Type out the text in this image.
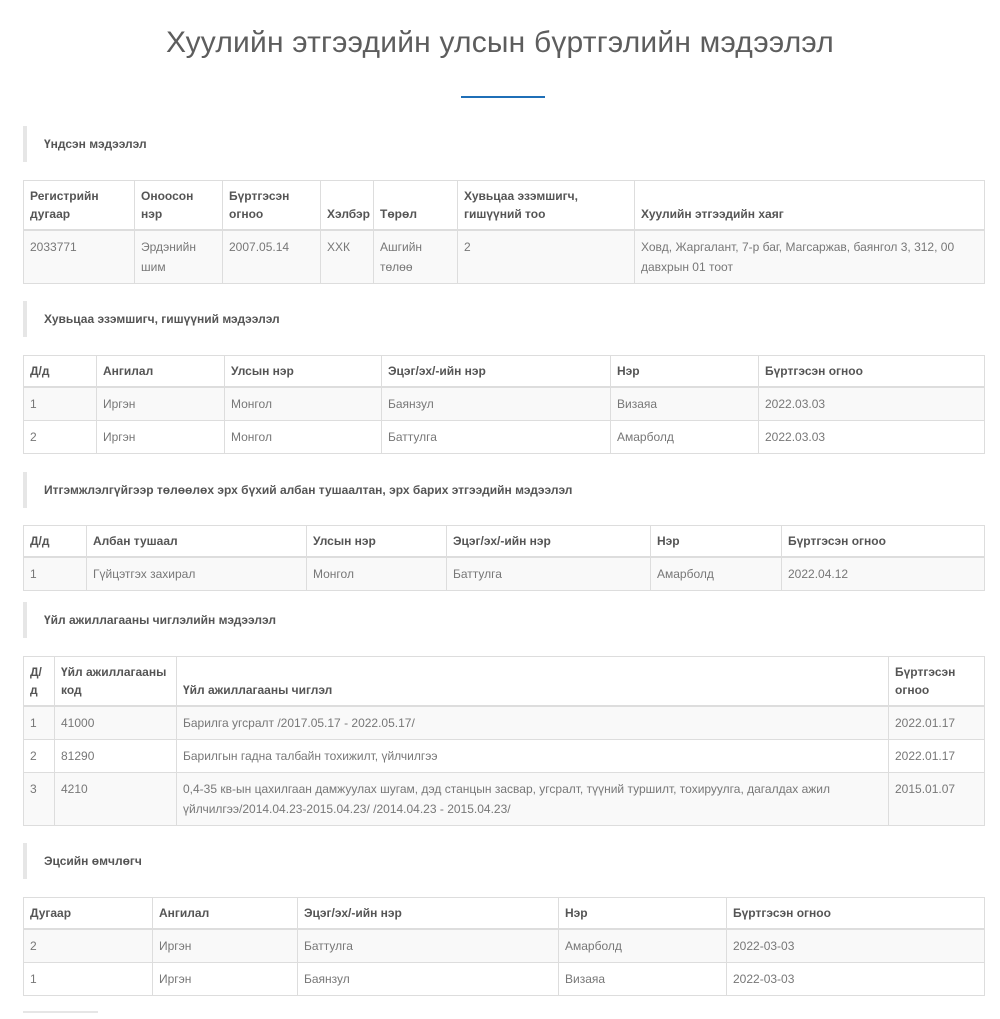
Хуулийн этгээдийн улсын бүртгэлийн мэдээлэл
Үндсэн мэдээлэл
Регистрийн дугаар	Оноосон нэр	Бүртгэсэн огноо	Хэлбэр	Төрөл	Хувьцаа эзэмшигч, гишүүний тоо	Хуулийн этгээдийн хаяг
2033771	Эрдэнийн шим	2007.05.14	ХХК	Ашгийн төлөө	2	Ховд, Жаргалант, 7-р баг, Магсаржав, баянгол 3, 312, 00 давхрын 01 тоот
Хувьцаа эзэмшигч, гишүүний мэдээлэл
Д/д	Ангилал	Улсын нэр	Эцэг/эх/-ийн нэр	Нэр	Бүртгэсэн огноо
1	Иргэн	Монгол	Баянзул	Визаяа	2022.03.03
2	Иргэн	Монгол	Баттулга	Амарболд	2022.03.03
Итгэмжлэлгүйгээр төлөөлөх эрх бүхий албан тушаалтан, эрх барих этгээдийн мэдээлэл
Д/д	Албан тушаал	Улсын нэр	Эцэг/эх/-ийн нэр	Нэр	Бүртгэсэн огноо
1	Гүйцэтгэх захирал	Монгол	Баттулга	Амарболд	2022.04.12
Үйл ажиллагааны чиглэлийн мэдээлэл
Д/д	Үйл ажиллагааны код	Үйл ажиллагааны чиглэл	Бүртгэсэн огноо
1	41000	Барилга угсралт /2017.05.17 - 2022.05.17/	2022.01.17
2	81290	Барилгын гадна талбайн тохижилт, үйлчилгээ	2022.01.17
3	4210	0,4-35 кв-ын цахилгаан дамжуулах шугам, дэд станцын засвар, угсралт, түүний туршилт, тохируулга, дагалдах ажил үйлчилгээ/2014.04.23-2015.04.23/ /2014.04.23 - 2015.04.23/	2015.01.07
Эцсийн өмчлөгч
Дугаар	Ангилал	Эцэг/эх/-ийн нэр	Нэр	Бүртгэсэн огноо
2	Иргэн	Баттулга	Амарболд	2022-03-03
1	Иргэн	Баянзул	Визаяа	2022-03-03
